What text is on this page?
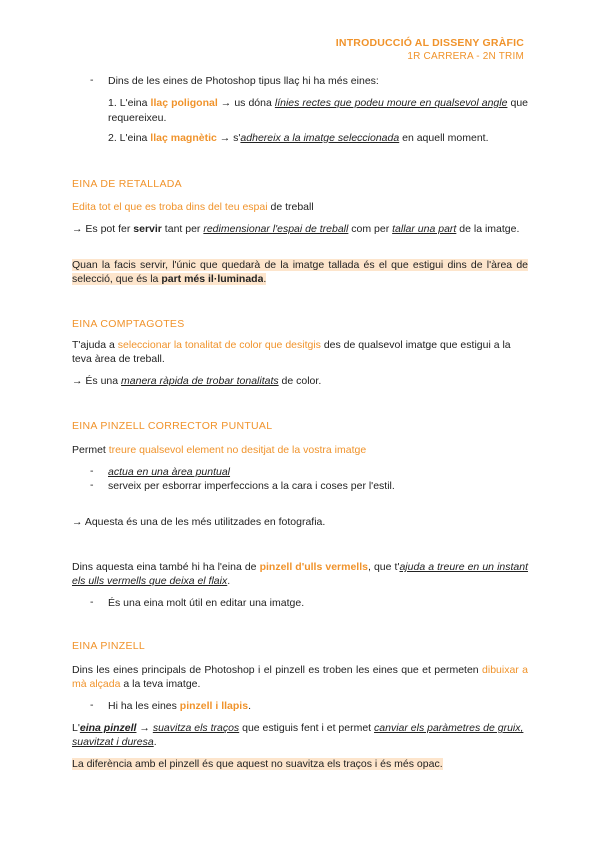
INTRODUCCIÓ AL DISSENY GRÀFIC
1R CARRERA - 2N TRIM
- Dins de les eines de Photoshop tipus llaç hi ha més eines:
1. L'eina llaç poligonal → us dóna línies rectes que podeu moure en qualsevol angle que requereixeu.
2. L'eina llaç magnètic → s'adhereix a la imatge seleccionada en aquell moment.
EINA DE RETALLADA
Edita tot el que es troba dins del teu espai de treball
→ Es pot fer servir tant per redimensionar l'espai de treball com per tallar una part de la imatge.
Quan la facis servir, l'únic que quedarà de la imatge tallada és el que estigui dins de l'àrea de selecció, que és la part més il·luminada.
EINA COMPTAGOTES
T'ajuda a seleccionar la tonalitat de color que desitgis des de qualsevol imatge que estigui a la teva àrea de treball.
→ És una manera ràpida de trobar tonalitats de color.
EINA PINZELL CORRECTOR PUNTUAL
Permet treure qualsevol element no desitjat de la vostra imatge
- actua en una àrea puntual
- serveix per esborrar imperfeccions a la cara i coses per l'estil.
→ Aquesta és una de les més utilitzades en fotografia.
Dins aquesta eina també hi ha l'eina de pinzell d'ulls vermells, que t'ajuda a treure en un instant els ulls vermells que deixa el flaix.
- És una eina molt útil en editar una imatge.
EINA PINZELL
Dins les eines principals de Photoshop i el pinzell es troben les eines que et permeten dibuixar a mà alçada a la teva imatge.
- Hi ha les eines pinzell i llapis.
L'eina pinzell → suavitza els traços que estiguis fent i et permet canviar els paràmetres de gruix, suavitzat i duresa.
La diferència amb el pinzell és que aquest no suavitza els traços i és més opac.
